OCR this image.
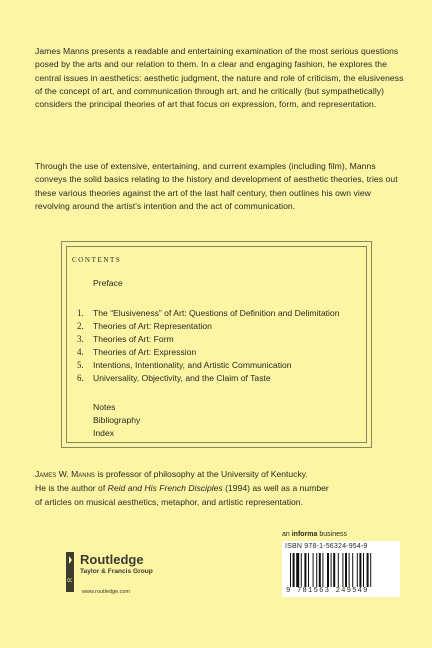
James Manns presents a readable and entertaining examination of the most serious questions posed by the arts and our relation to them. In a clear and engaging fashion, he explores the central issues in aesthetics: aesthetic judgment, the nature and role of criticism, the elusiveness of the concept of art, and communication through art, and he critically (but sympathetically) considers the principal theories of art that focus on expression, form, and representation.

Through the use of extensive, entertaining, and current examples (including film), Manns conveys the solid basics relating to the history and development of aesthetic theories, tries out these various theories against the art of the last half century, then outlines his own view revolving around the artist's intention and the act of communication.

CONTENTS
Preface
1. The “Elusiveness” of Art: Questions of Definition and Delimitation
2. Theories of Art: Representation
3. Theories of Art: Form
4. Theories of Art: Expression
5. Intentions, Intentionality, and Artistic Communication
6. Universality, Objectivity, and the Claim of Taste
Notes
Bibliography
Index
James W. Manns is professor of philosophy at the University of Kentucky.
He is the author of Reid and His French Disciples (1994) as well as a number
of articles on musical aesthetics, metaphor, and artistic representation.
an informa business
ISBN 978-1-56324-954-9
9 781563 249549
R
Routledge
Taylor & Francis Group
www.routledge.com
